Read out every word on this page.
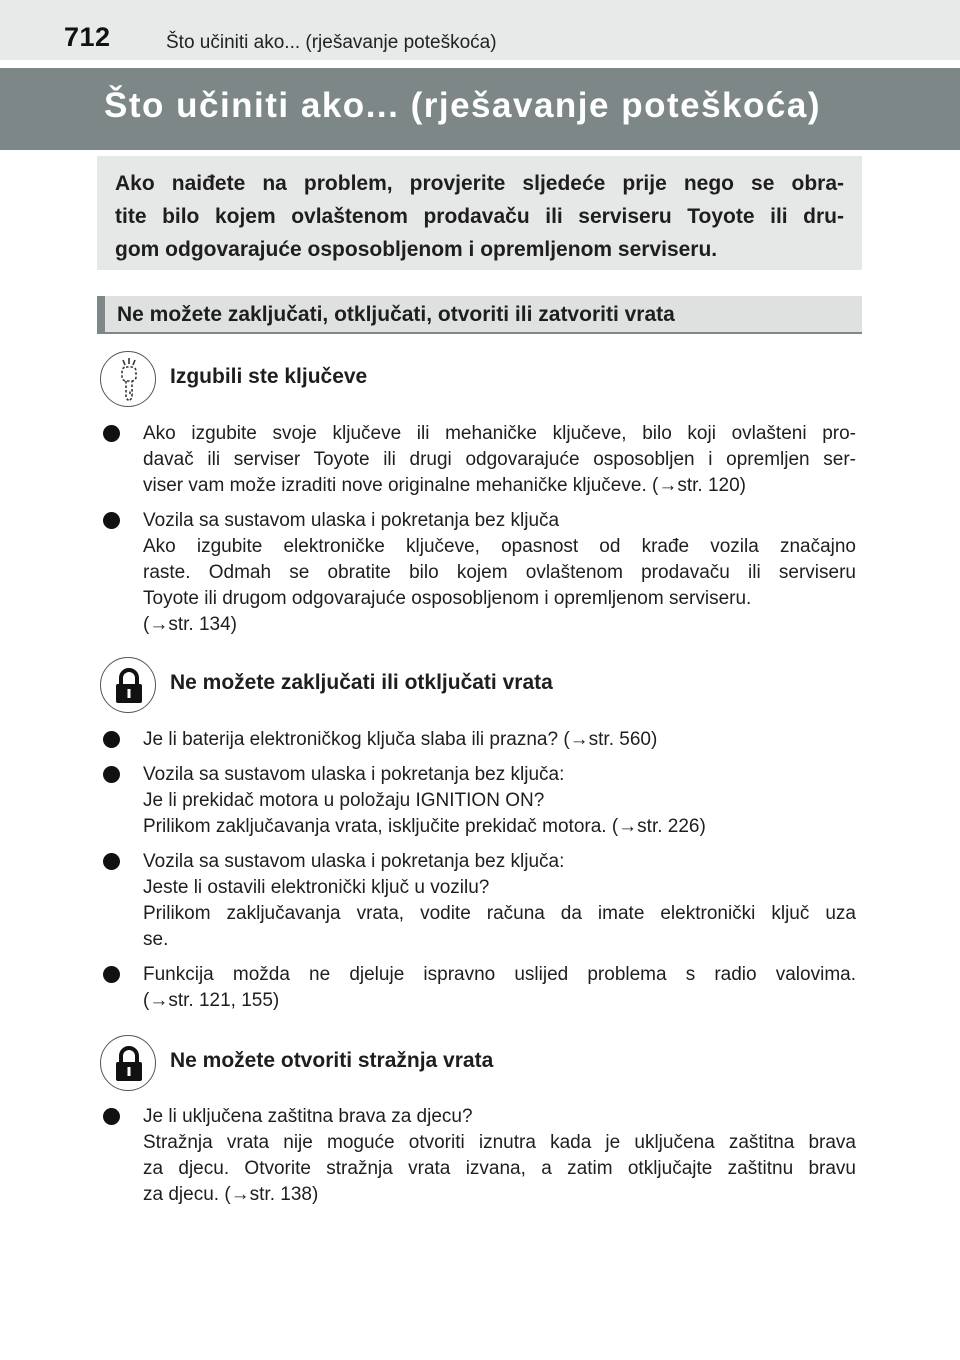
712	Što učiniti ako... (rješavanje poteškoća)
Što učiniti ako... (rješavanje poteškoća)
Ako naiđete na problem, provjerite sljedeće prije nego se obra-
tite bilo kojem ovlaštenom prodavaču ili serviseru Toyote ili dru-
gom odgovarajuće osposobljenom i opremljenom serviseru.
Ne možete zaključati, otključati, otvoriti ili zatvoriti vrata
Izgubili ste ključeve
Ako izgubite svoje ključeve ili mehaničke ključeve, bilo koji ovlašteni pro-
davač ili serviser Toyote ili drugi odgovarajuće osposobljen i opremljen ser-
viser vam može izraditi nove originalne mehaničke ključeve. (→str. 120)
Vozila sa sustavom ulaska i pokretanja bez ključa
Ako izgubite elektroničke ključeve, opasnost od krađe vozila značajno
raste. Odmah se obratite bilo kojem ovlaštenom prodavaču ili serviseru
Toyote ili drugom odgovarajuće osposobljenom i opremljenom serviseru.
(→str. 134)
Ne možete zaključati ili otključati vrata
Je li baterija elektroničkog ključa slaba ili prazna? (→str. 560)
Vozila sa sustavom ulaska i pokretanja bez ključa:
Je li prekidač motora u položaju IGNITION ON?
Prilikom zaključavanja vrata, isključite prekidač motora. (→str. 226)
Vozila sa sustavom ulaska i pokretanja bez ključa:
Jeste li ostavili elektronički ključ u vozilu?
Prilikom zaključavanja vrata, vodite računa da imate elektronički ključ uza
se.
Funkcija možda ne djeluje ispravno uslijed problema s radio valovima.
(→str. 121, 155)
Ne možete otvoriti stražnja vrata
Je li uključena zaštitna brava za djecu?
Stražnja vrata nije moguće otvoriti iznutra kada je uključena zaštitna brava
za djecu. Otvorite stražnja vrata izvana, a zatim otključajte zaštitnu bravu
za djecu. (→str. 138)
